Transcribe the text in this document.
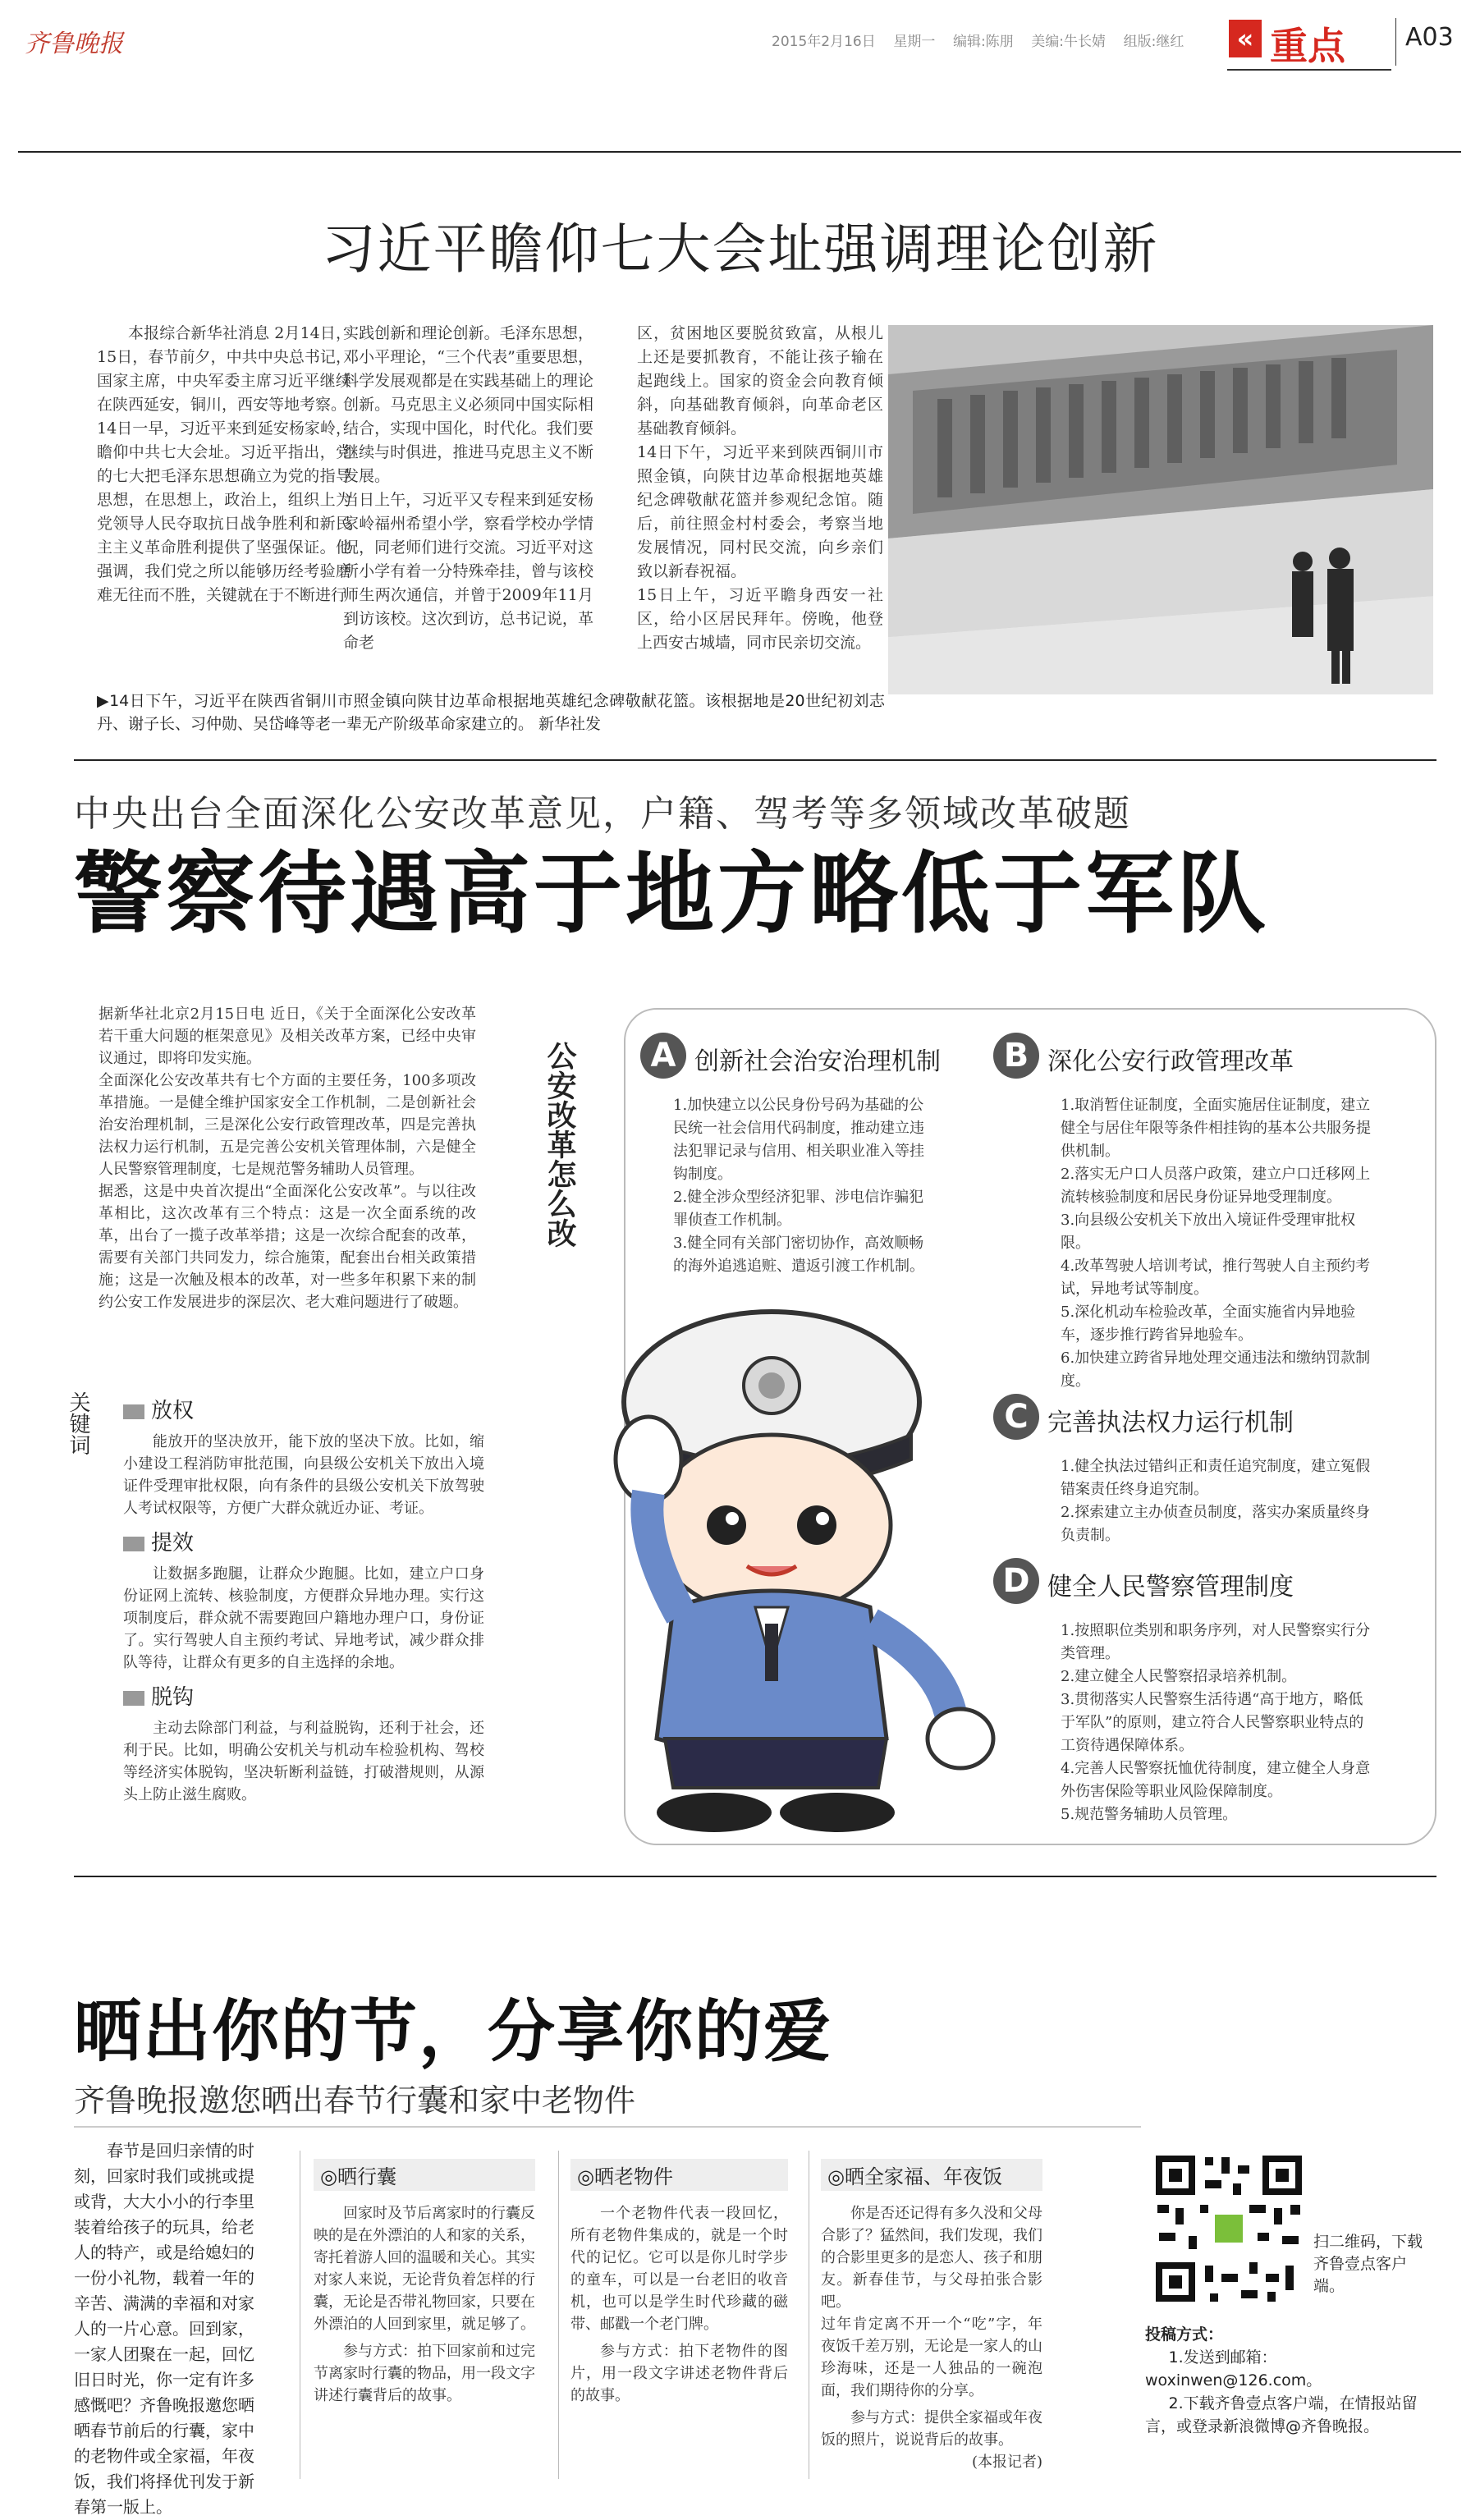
齐鲁晚报	2015年2月16日    星期一    编辑:陈朋    美编:牛长婧    组版:继红	« 重点 A03
习近平瞻仰七大会址强调理论创新
本报综合新华社消息 2月14日，15日，春节前夕，中共中央总书记，国家主席，中央军委主席习近平继续在陕西延安，铜川，西安等地考察。
14日一早，习近平来到延安杨家岭，瞻仰中共七大会址。习近平指出，党的七大把毛泽东思想确立为党的指导思想，在思想上，政治上，组织上为党领导人民夺取抗日战争胜利和新民主主义革命胜利提供了坚强保证。他强调，我们党之所以能够历经考验磨难无往而不胜，关键就在于不断进行
实践创新和理论创新。毛泽东思想，邓小平理论，“三个代表”重要思想，科学发展观都是在实践基础上的理论创新。马克思主义必须同中国实际相结合，实现中国化，时代化。我们要继续与时俱进，推进马克思主义不断发展。
当日上午，习近平又专程来到延安杨家岭福州希望小学，察看学校办学情况，同老师们进行交流。习近平对这所小学有着一分特殊牵挂，曾与该校师生两次通信，并曾于2009年11月到访该校。这次到访，总书记说，革命老
区，贫困地区要脱贫致富，从根儿上还是要抓教育，不能让孩子输在起跑线上。国家的资金会向教育倾斜，向基础教育倾斜，向革命老区基础教育倾斜。
14日下午，习近平来到陕西铜川市照金镇，向陕甘边革命根据地英雄纪念碑敬献花篮并参观纪念馆。随后，前往照金村村委会，考察当地发展情况，同村民交流，向乡亲们致以新春祝福。
15日上午，习近平瞻身西安一社区，给小区居民拜年。傍晚，他登上西安古城墙，同市民亲切交流。
▶14日下午，习近平在陕西省铜川市照金镇向陕甘边革命根据地英雄纪念碑敬献花篮。该根据地是20世纪初刘志丹、谢子长、习仲勋、吴岱峰等老一辈无产阶级革命家建立的。 新华社发
中央出台全面深化公安改革意见，户籍、驾考等多领域改革破题
警察待遇高于地方略低于军队
据新华社北京2月15日电 近日，《关于全面深化公安改革若干重大问题的框架意见》及相关改革方案，已经中央审议通过，即将印发实施。
全面深化公安改革共有七个方面的主要任务，100多项改革措施。一是健全维护国家安全工作机制，二是创新社会治安治理机制，三是深化公安行政管理改革，四是完善执法权力运行机制，五是完善公安机关管理体制，六是健全人民警察管理制度，七是规范警务辅助人员管理。
据悉，这是中央首次提出“全面深化公安改革”。与以往改革相比，这次改革有三个特点：这是一次全面系统的改革，出台了一揽子改革举措；这是一次综合配套的改革，需要有关部门共同发力，综合施策，配套出台相关政策措施；这是一次触及根本的改革，对一些多年积累下来的制约公安工作发展进步的深层次、老大难问题进行了破题。
关键词	放权
能放开的坚决放开，能下放的坚决下放。比如，缩小建设工程消防审批范围，向县级公安机关下放出入境证件受理审批权限，向有条件的县级公安机关下放驾驶人考试权限等，方便广大群众就近办证、考证。
提效
让数据多跑腿，让群众少跑腿。比如，建立户口身份证网上流转、核验制度，方便群众异地办理。实行这项制度后，群众就不需要跑回户籍地办理户口，身份证了。实行驾驶人自主预约考试、异地考试，减少群众排队等待，让群众有更多的自主选择的余地。
脱钩
主动去除部门利益，与利益脱钩，还利于社会，还利于民。比如，明确公安机关与机动车检验机构、驾校等经济实体脱钩，坚决斩断利益链，打破潜规则，从源头上防止滋生腐败。
公安改革怎么改	A 创新社会治安治理机制
1.加快建立以公民身份号码为基础的公民统一社会信用代码制度，推动建立违法犯罪记录与信用、相关职业准入等挂钩制度。
2.健全涉众型经济犯罪、涉电信诈骗犯罪侦查工作机制。
3.健全同有关部门密切协作，高效顺畅的海外追逃追赃、遣返引渡工作机制。
B 深化公安行政管理改革
1.取消暂住证制度，全面实施居住证制度，建立健全与居住年限等条件相挂钩的基本公共服务提供机制。
2.落实无户口人员落户政策，建立户口迁移网上流转核验制度和居民身份证异地受理制度。
3.向县级公安机关下放出入境证件受理审批权限。
4.改革驾驶人培训考试，推行驾驶人自主预约考试，异地考试等制度。
5.深化机动车检验改革，全面实施省内异地验车，逐步推行跨省异地验车。
6.加快建立跨省异地处理交通违法和缴纳罚款制度。
C 完善执法权力运行机制
1.健全执法过错纠正和责任追究制度，建立冤假错案责任终身追究制。
2.探索建立主办侦查员制度，落实办案质量终身负责制。
D 健全人民警察管理制度
1.按照职位类别和职务序列，对人民警察实行分类管理。
2.建立健全人民警察招录培养机制。
3.贯彻落实人民警察生活待遇“高于地方，略低于军队”的原则，建立符合人民警察职业特点的工资待遇保障体系。
4.完善人民警察抚恤优待制度，建立健全人身意外伤害保险等职业风险保障制度。
5.规范警务辅助人员管理。
晒出你的节，分享你的爱
齐鲁晚报邀您晒出春节行囊和家中老物件
春节是回归亲情的时刻，回家时我们或挑或提或背，大大小小的行李里装着给孩子的玩具，给老人的特产，或是给媳妇的一份小礼物，载着一年的辛苦、满满的幸福和对家人的一片心意。回到家，一家人团聚在一起，回忆旧日时光，你一定有许多感慨吧？齐鲁晚报邀您晒晒春节前后的行囊，家中的老物件或全家福，年夜饭，我们将择优刊发于新春第一版上。
◎晒行囊
回家时及节后离家时的行囊反映的是在外漂泊的人和家的关系，寄托着游人回的温暖和关心。其实对家人来说，无论背负着怎样的行囊，无论是否带礼物回家，只要在外漂泊的人回到家里，就足够了。
参与方式：拍下回家前和过完节离家时行囊的物品，用一段文字讲述行囊背后的故事。
◎晒老物件
一个老物件代表一段回忆，所有老物件集成的，就是一个时代的记忆。它可以是你儿时学步的童车，可以是一台老旧的收音机，也可以是学生时代珍藏的磁带、邮戳一个老门牌。
参与方式：拍下老物件的图片，用一段文字讲述老物件背后的故事。
◎晒全家福、年夜饭
你是否还记得有多久没和父母合影了？猛然间，我们发现，我们的合影里更多的是恋人、孩子和朋友。新春佳节，与父母拍张合影吧。
过年肯定离不开一个“吃”字，年夜饭千差万别，无论是一家人的山珍海味，还是一人独品的一碗泡面，我们期待你的分享。
参与方式：提供全家福或年夜饭的照片，说说背后的故事。
(本报记者)
扫二维码，下载齐鲁壹点客户端。
投稿方式：
1.发送到邮箱：woxinwen@126.com。
2.下载齐鲁壹点客户端，在情报站留言，或登录新浪微博@齐鲁晚报。
